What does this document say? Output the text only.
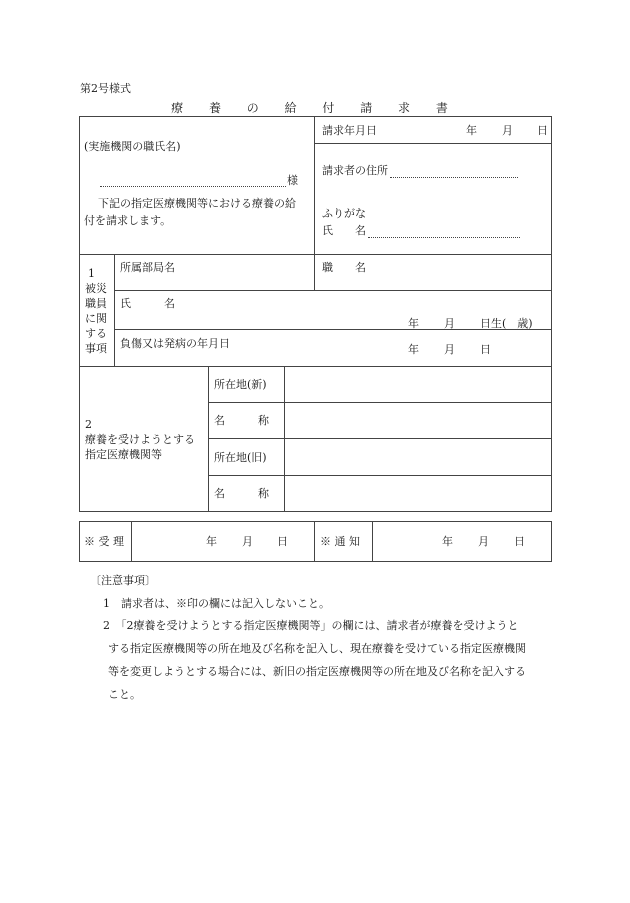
第2号様式
療 養 の 給 付 請 求 書
(実施機関の職氏名)
様
下記の指定医療機関等における療養の給
付を請求します。
請求年月日	年 月 日
請求者の住所
ふりがな
氏　　名
1
被災
職員
に関
する
事項
所属部局名	職　　名
氏　　　名
年 月 日生(　歳)
負傷又は発病の年月日	年 月 日
2
療養を受けようとする
指定医療機関等
所在地(新)
名　　　称
所在地(旧)
名　　　称
※ 受 理	年 月 日	※ 通 知	年 月 日
〔注意事項〕
1　請求者は、※印の欄には記入しないこと。
2　「2療養を受けようとする指定医療機関等」の欄には、請求者が療養を受けようと
する指定医療機関等の所在地及び名称を記入し、現在療養を受けている指定医療機関
等を変更しようとする場合には、新旧の指定医療機関等の所在地及び名称を記入する
こと。
